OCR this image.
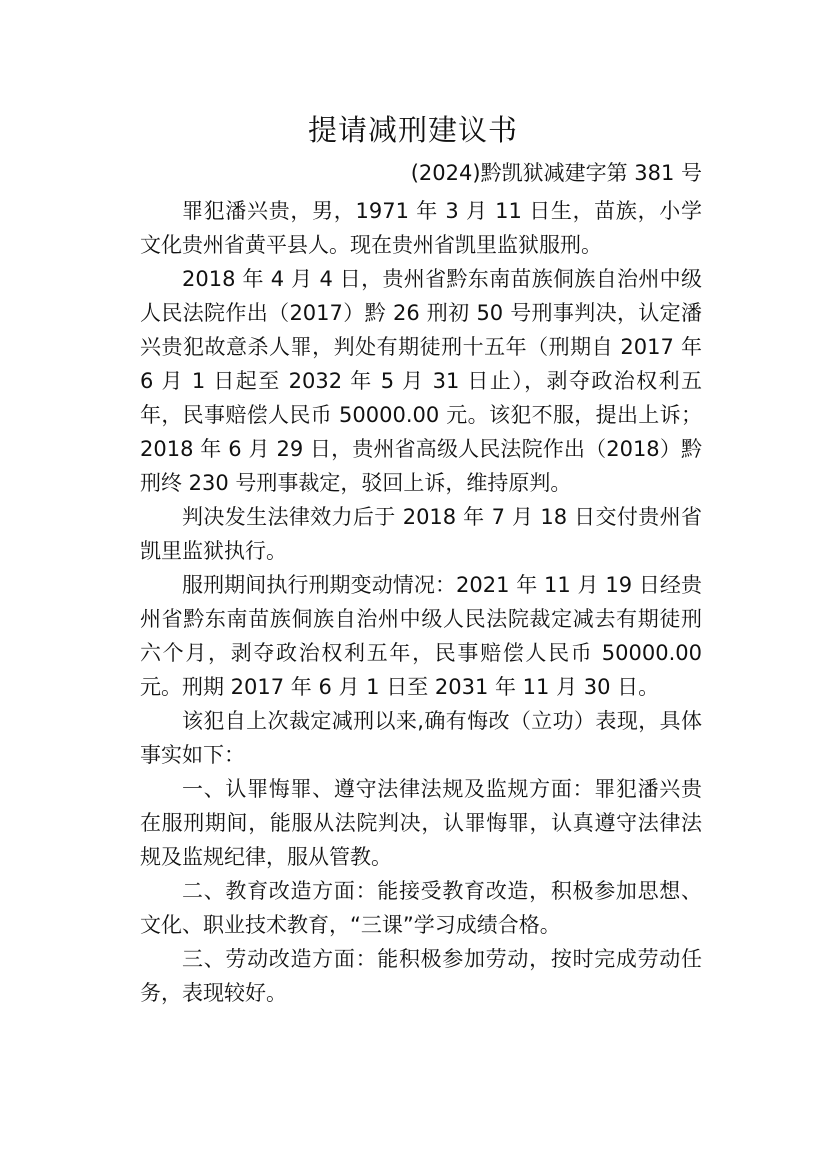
提请减刑建议书
(2024)黔凯狱减建字第 381 号

罪犯潘兴贵，男，1971 年 3 月 11 日生，苗族，小学文化贵州省黄平县人。现在贵州省凯里监狱服刑。

2018 年 4 月 4 日，贵州省黔东南苗族侗族自治州中级人民法院作出（2017）黔 26 刑初 50 号刑事判决，认定潘兴贵犯故意杀人罪，判处有期徒刑十五年（刑期自 2017 年 6 月 1 日起至 2032 年 5 月 31 日止），剥夺政治权利五年，民事赔偿人民币 50000.00 元。该犯不服，提出上诉；2018 年 6 月 29 日，贵州省高级人民法院作出（2018）黔刑终 230 号刑事裁定，驳回上诉，维持原判。

判决发生法律效力后于 2018 年 7 月 18 日交付贵州省凯里监狱执行。

服刑期间执行刑期变动情况：2021 年 11 月 19 日经贵州省黔东南苗族侗族自治州中级人民法院裁定减去有期徒刑六个月，剥夺政治权利五年，民事赔偿人民币 50000.00 元。刑期 2017 年 6 月 1 日至 2031 年 11 月 30 日。

该犯自上次裁定减刑以来,确有悔改（立功）表现，具体事实如下：

一、认罪悔罪、遵守法律法规及监规方面：罪犯潘兴贵在服刑期间，能服从法院判决，认罪悔罪，认真遵守法律法规及监规纪律，服从管教。

二、教育改造方面：能接受教育改造，积极参加思想、文化、职业技术教育，“三课”学习成绩合格。

三、劳动改造方面：能积极参加劳动，按时完成劳动任务，表现较好。
